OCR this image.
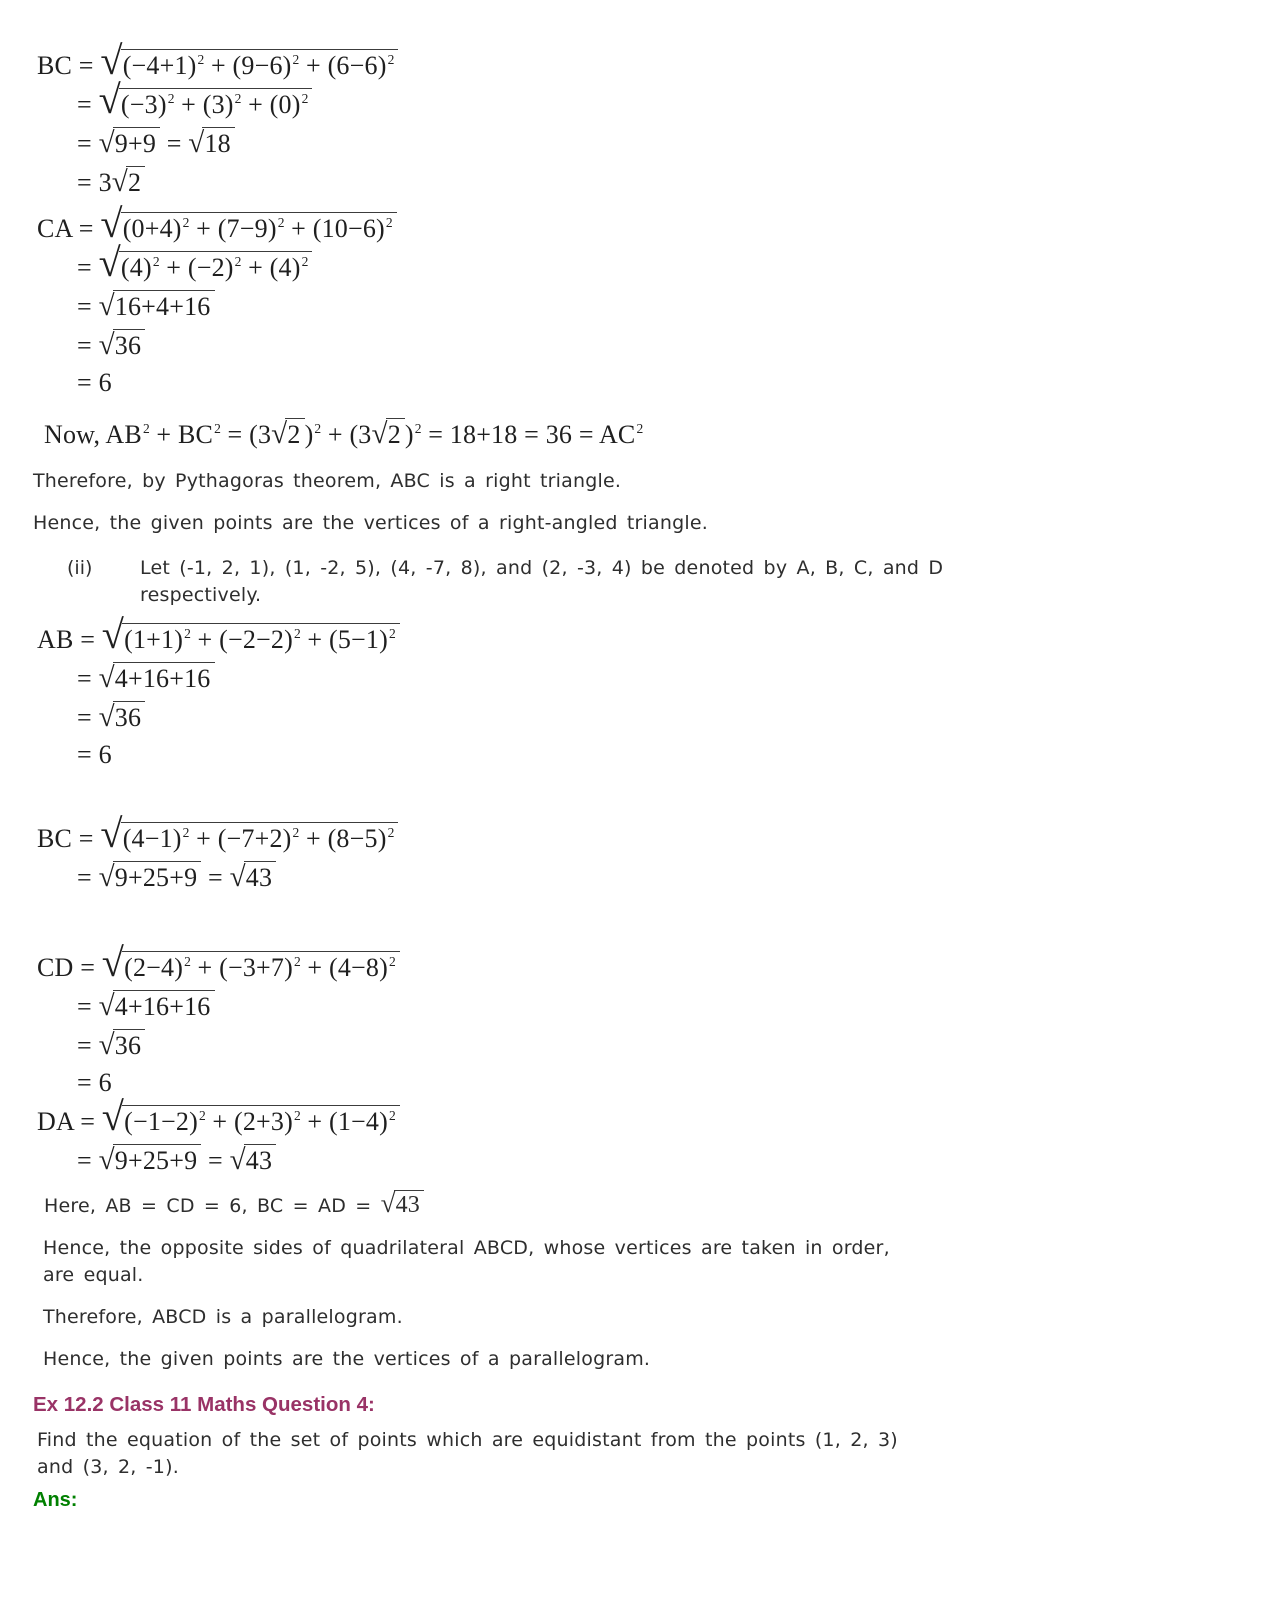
BC = $√(-4+1)^2 + (9-6)^2 + (6-6)^2$
= $√(-3)^2 + (3)^2 + (0)^2$
= √9+9 = √18
= 3√2
CA = $√(0+4)^2 + (7-9)^2 + (10-6)^2$
= $√(4)^2 + (-2)^2 + (4)^2$
= √16+4+16
= √36
= 6
Now, $AB^2 + BC^2 = (3√2$ )$^2$ + (3√2 )$^2 = 18+18 = 36 = AC^2$

Therefore, by Pythagoras theorem, ABC is a right triangle.

Hence, the given points are the vertices of a right-angled triangle.

(ii)	Let (-1, 2, 1), (1, -2, 5), (4, -7, 8), and (2, -3, 4) be denoted by A, B, C, and D respectively.
AB = $√(1+1)^2 + (-2-2)^2 + (5-1)^2$
= √4+16+16
= √36
= 6
BC = $√(4-1)^2 + (-7+2)^2 + (8-5)^2$
= √9+25+9 = √43
CD = $√(2-4)^2 + (-3+7)^2 + (4-8)^2$
= √4+16+16
= √36
= 6
DA = $√(-1-2)^2 + (2+3)^2 + (1-4)^2$
= √9+25+9 = √43
Here, AB = CD = 6, BC = AD = √43

Hence, the opposite sides of quadrilateral ABCD, whose vertices are taken in order, are equal.

Therefore, ABCD is a parallelogram.

Hence, the given points are the vertices of a parallelogram.

Ex 12.2 Class 11 Maths Question 4:

Find the equation of the set of points which are equidistant from the points (1, 2, 3) and (3, 2, -1).

Ans:
